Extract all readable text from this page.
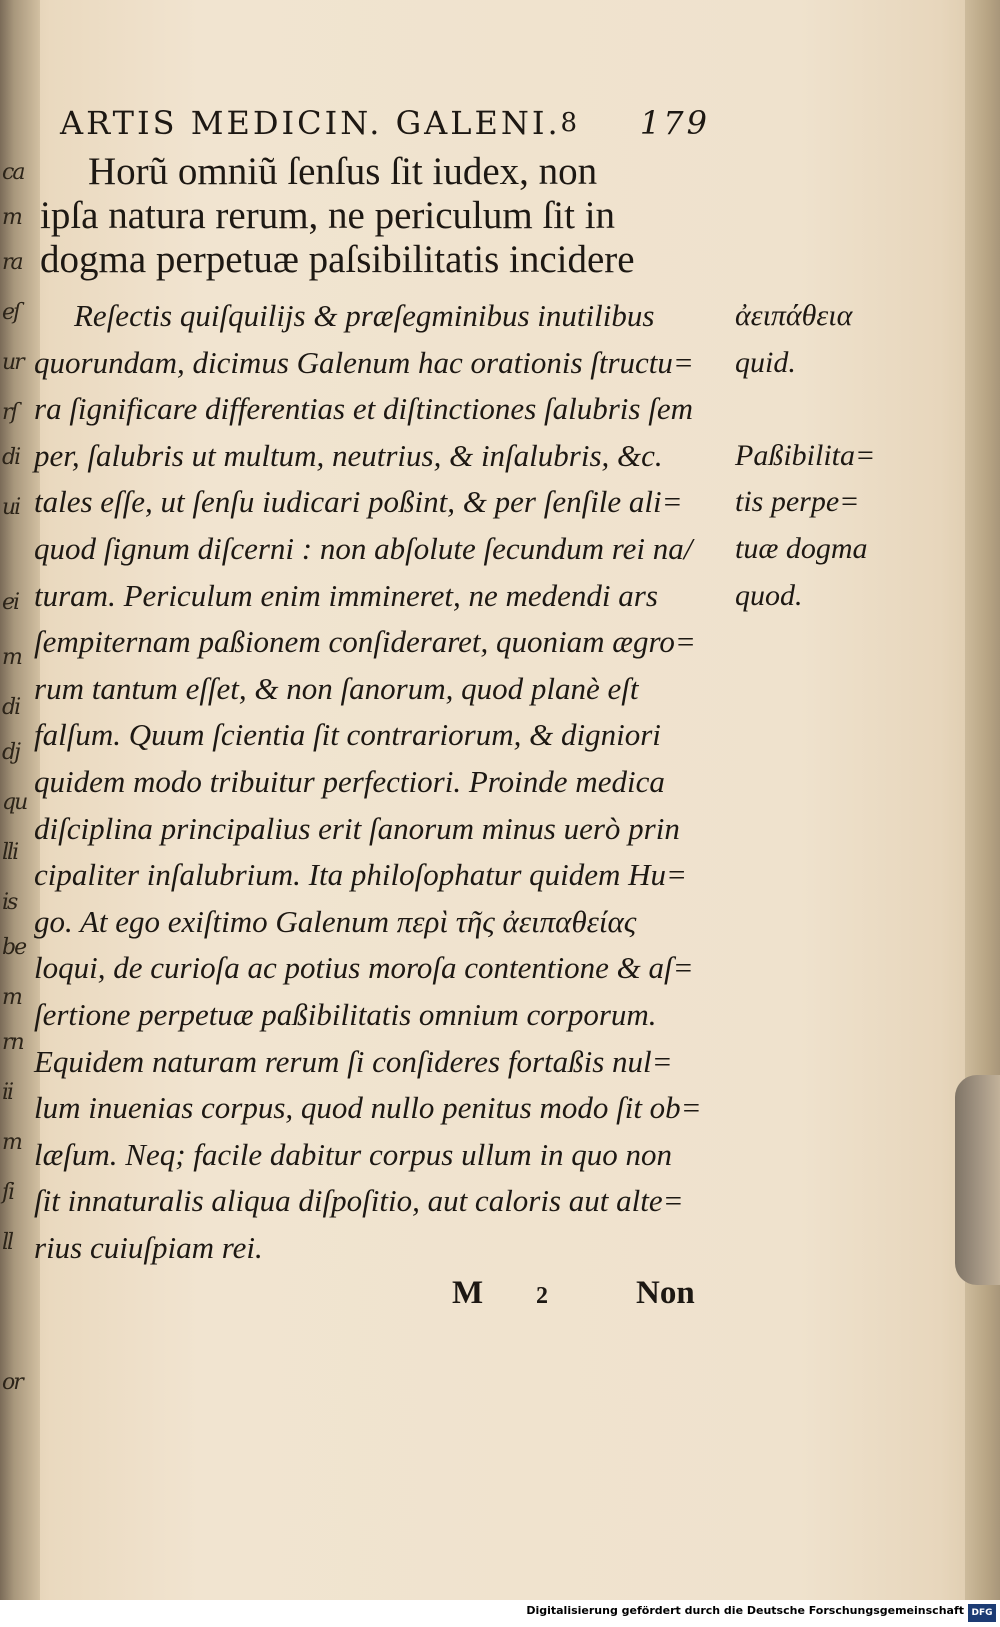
ca
m
ra
eſ
ur
rſ
di
ui
ei
m
di
dj
qu
lli
is
be
m
rn
ii
m
ſi
ll
or
ARTIS MEDICIN. GALENI. 8 179
Horũ omniũ ſenſus ſit iudex, non
ipſa natura rerum, ne periculum ſit in
dogma perpetuæ paſsibilitatis incidere
Reſectis quiſquilijs & præſegminibus inutilibus
quorundam, dicimus Galenum hac orationis ſtructu=
ra ſignificare differentias et diſtinctiones ſalubris ſem
per, ſalubris ut multum, neutrius, & inſalubris, &c.
tales eſſe, ut ſenſu iudicari poßint, & per ſenſile ali=
quod ſignum diſcerni : non abſolute ſecundum rei na/
turam. Periculum enim immineret, ne medendi ars
ſempiternam paßionem conſideraret, quoniam ægro=
rum tantum eſſet, & non ſanorum, quod planè eſt
falſum. Quum ſcientia ſit contrariorum, & digniori
quidem modo tribuitur perfectiori. Proinde medica
diſciplina principalius erit ſanorum minus uerò prin
cipaliter inſalubrium. Ita philoſophatur quidem Hu=
go. At ego exiſtimo Galenum περὶ τῆς ἀειπαθείας
loqui, de curioſa ac potius moroſa contentione & aſ=
ſertione perpetuæ paßibilitatis omnium corporum.
Equidem naturam rerum ſi conſideres fortaßis nul=
lum inuenias corpus, quod nullo penitus modo ſit ob=
læſum. Neq; facile dabitur corpus ullum in quo non
ſit innaturalis aliqua diſpoſitio, aut caloris aut alte=
rius cuiuſpiam rei.
ἀειπάθεια
quid.

Paßibilita=
tis perpe=
tuæ dogma
quod.
M 2	Non
Digitalisierung gefördert durch die Deutsche Forschungsgemeinschaft DFG
